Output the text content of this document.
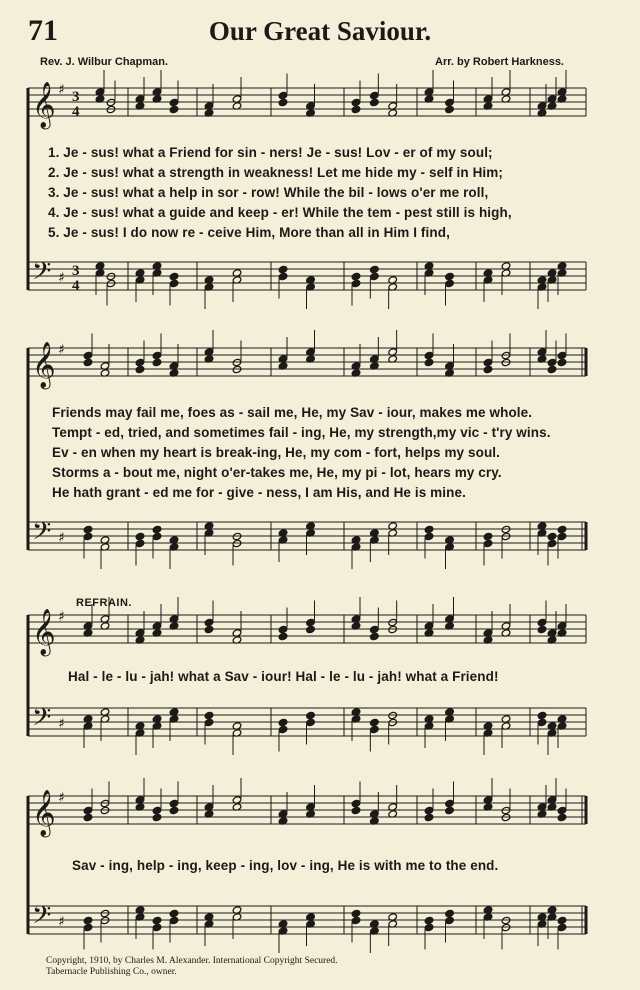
71	Our Great Saviour.
Rev. J. Wilbur Chapman.	Arr. by Robert Harkness.
1. Je - sus! what a Friend for sin - ners! Je - sus! Lov - er of my soul;
2. Je - sus! what a strength in weakness! Let me hide my - self in Him;
3. Je - sus! what a help in sor - row! While the bil - lows o'er me roll,
4. Je - sus! what a guide and keep - er! While the tem - pest still is high,
5. Je - sus! I do now re - ceive Him, More than all in Him I find,
Friends may fail me, foes as - sail me, He, my Sav - iour, makes me whole.
Tempt - ed, tried, and sometimes fail - ing, He, my strength,my vic - t'ry wins.
Ev - en when my heart is break-ing, He, my com - fort, helps my soul.
Storms a - bout me, night o'er-takes me, He, my pi - lot, hears my cry.
He hath grant - ed me for - give - ness, I am His, and He is mine.
REFRAIN.
Hal - le - lu - jah! what a Sav - iour! Hal - le - lu - jah! what a Friend!
Sav - ing, help - ing, keep - ing, lov - ing, He is with me to the end.
Copyright, 1910, by Charles M. Alexander. International Copyright Secured.
Tabernacle Publishing Co., owner.
𝄞 ♯ 3
4
𝄢 ♯ 3
4
𝄞 ♯
𝄢 ♯
𝄞 ♯
𝄢 ♯
𝄞 ♯
𝄢 ♯
